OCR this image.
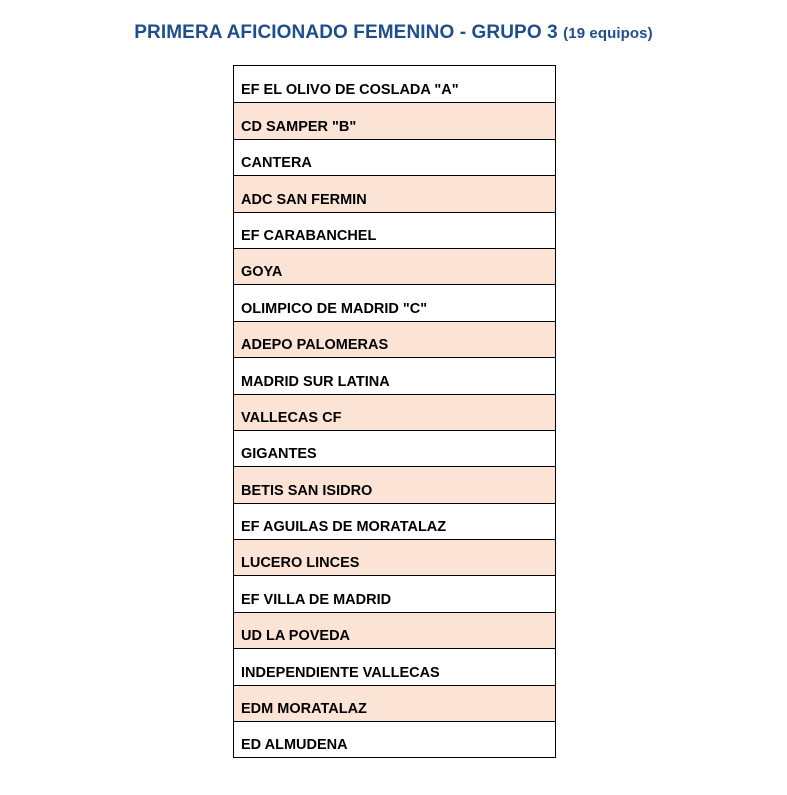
PRIMERA AFICIONADO FEMENINO - GRUPO 3 (19 equipos)
EF EL OLIVO DE COSLADA "A"
CD SAMPER "B"
CANTERA
ADC SAN FERMIN
EF CARABANCHEL
GOYA
OLIMPICO DE MADRID "C"
ADEPO PALOMERAS
MADRID SUR LATINA
VALLECAS CF
GIGANTES
BETIS SAN ISIDRO
EF AGUILAS DE MORATALAZ
LUCERO LINCES
EF VILLA DE MADRID
UD LA POVEDA
INDEPENDIENTE VALLECAS
EDM MORATALAZ
ED ALMUDENA
